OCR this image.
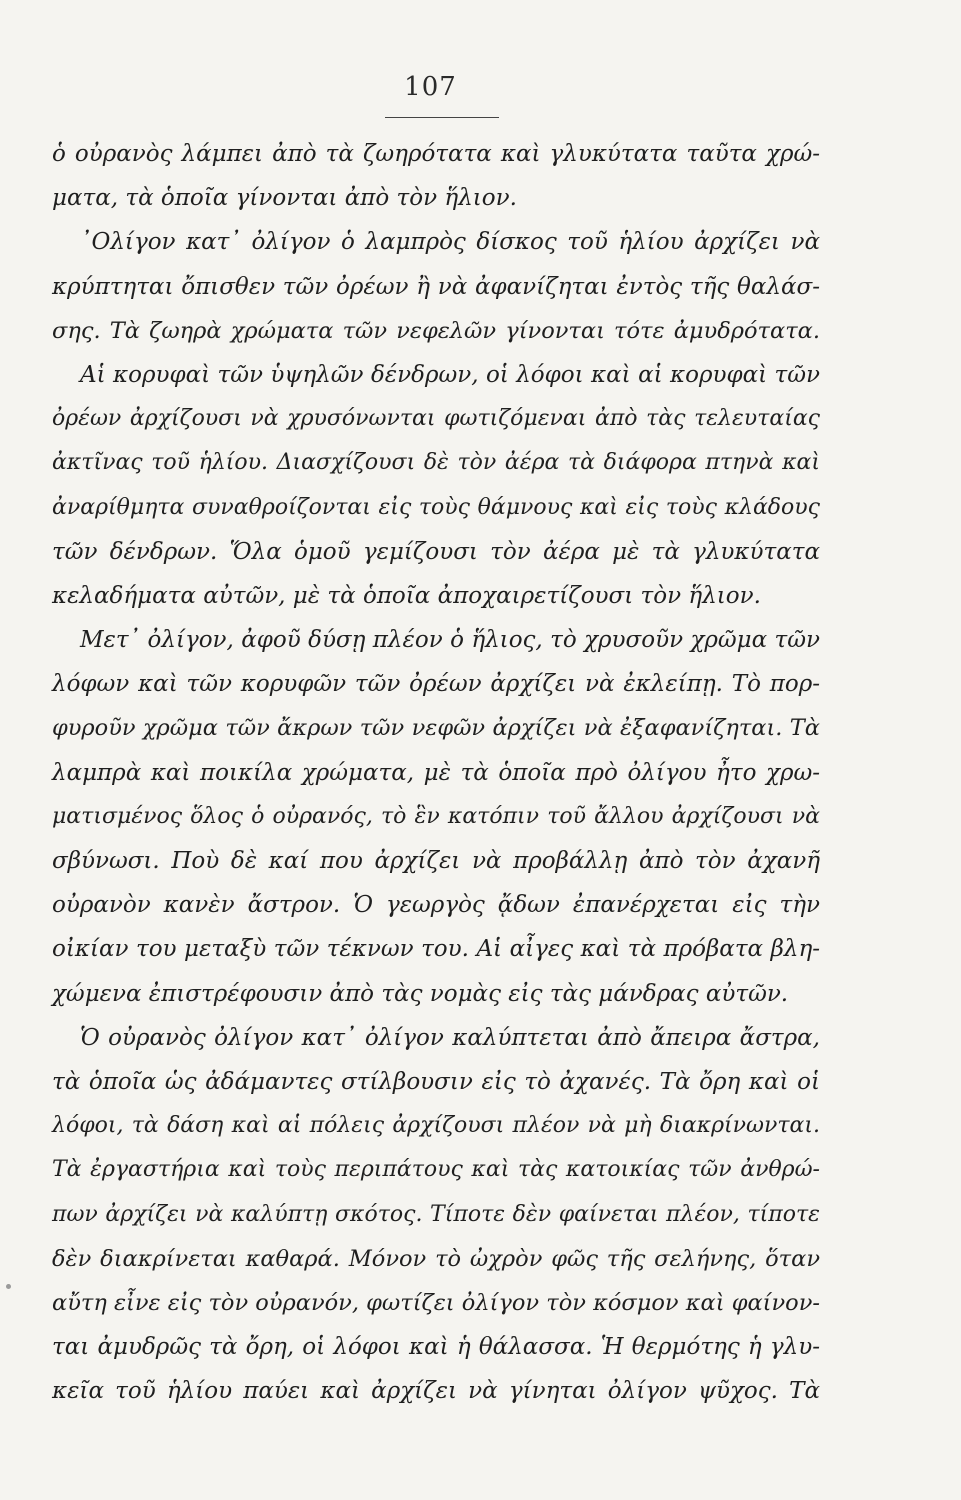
107
ὁ οὐρανὸς λάμπει ἀπὸ τὰ ζωηρότατα καὶ γλυκύτατα ταῦτα χρώ-
ματα, τὰ ὁποῖα γίνονται ἀπὸ τὸν ἥλιον.
᾿Ολίγον κατ᾿ ὀλίγον ὁ λαμπρὸς δίσκος τοῦ ἡλίου ἀρχίζει νὰ
κρύπτηται ὄπισθεν τῶν ὀρέων ἢ νὰ ἀφανίζηται ἐντὸς τῆς θαλάσ-
σης. Τὰ ζωηρὰ χρώματα τῶν νεφελῶν γίνονται τότε ἀμυδρότατα.
Αἱ κορυφαὶ τῶν ὑψηλῶν δένδρων, οἱ λόφοι καὶ αἱ κορυφαὶ τῶν
ὀρέων ἀρχίζουσι νὰ χρυσόνωνται φωτιζόμεναι ἀπὸ τὰς τελευταίας
ἀκτῖνας τοῦ ἡλίου. Διασχίζουσι δὲ τὸν ἀέρα τὰ διάφορα πτηνὰ καὶ
ἀναρίθμητα συναθροίζονται εἰς τοὺς θάμνους καὶ εἰς τοὺς κλάδους
τῶν δένδρων. Ὅλα ὁμοῦ γεμίζουσι τὸν ἀέρα μὲ τὰ γλυκύτατα
κελαδήματα αὐτῶν, μὲ τὰ ὁποῖα ἀποχαιρετίζουσι τὸν ἥλιον.
Μετ᾿ ὀλίγον, ἀφοῦ δύσῃ πλέον ὁ ἥλιος, τὸ χρυσοῦν χρῶμα τῶν
λόφων καὶ τῶν κορυφῶν τῶν ὀρέων ἀρχίζει νὰ ἐκλείπῃ. Τὸ πορ-
φυροῦν χρῶμα τῶν ἄκρων τῶν νεφῶν ἀρχίζει νὰ ἐξαφανίζηται. Τὰ
λαμπρὰ καὶ ποικίλα χρώματα, μὲ τὰ ὁποῖα πρὸ ὀλίγου ἦτο χρω-
ματισμένος ὅλος ὁ οὐρανός, τὸ ἓν κατόπιν τοῦ ἄλλου ἀρχίζουσι νὰ
σβύνωσι. Ποὺ δὲ καί που ἀρχίζει νὰ προβάλλῃ ἀπὸ τὸν ἀχανῆ
οὐρανὸν κανὲν ἄστρον. Ὁ γεωργὸς ᾄδων ἐπανέρχεται εἰς τὴν
οἰκίαν του μεταξὺ τῶν τέκνων του. Αἱ αἶγες καὶ τὰ πρόβατα βλη-
χώμενα ἐπιστρέφουσιν ἀπὸ τὰς νομὰς εἰς τὰς μάνδρας αὐτῶν.
Ὁ οὐρανὸς ὀλίγον κατ᾿ ὀλίγον καλύπτεται ἀπὸ ἄπειρα ἄστρα,
τὰ ὁποῖα ὡς ἀδάμαντες στίλβουσιν εἰς τὸ ἀχανές. Τὰ ὄρη καὶ οἱ
λόφοι, τὰ δάση καὶ αἱ πόλεις ἀρχίζουσι πλέον νὰ μὴ διακρίνωνται.
Τὰ ἐργαστήρια καὶ τοὺς περιπάτους καὶ τὰς κατοικίας τῶν ἀνθρώ-
πων ἀρχίζει νὰ καλύπτῃ σκότος. Τίποτε δὲν φαίνεται πλέον, τίποτε
δὲν διακρίνεται καθαρά. Μόνον τὸ ὠχρὸν φῶς τῆς σελήνης, ὅταν
αὔτη εἶνε εἰς τὸν οὐρανόν, φωτίζει ὀλίγον τὸν κόσμον καὶ φαίνον-
ται ἀμυδρῶς τὰ ὄρη, οἱ λόφοι καὶ ἡ θάλασσα. Ἡ θερμότης ἡ γλυ-
κεῖα τοῦ ἡλίου παύει καὶ ἀρχίζει νὰ γίνηται ὀλίγον ψῦχος. Τὰ
